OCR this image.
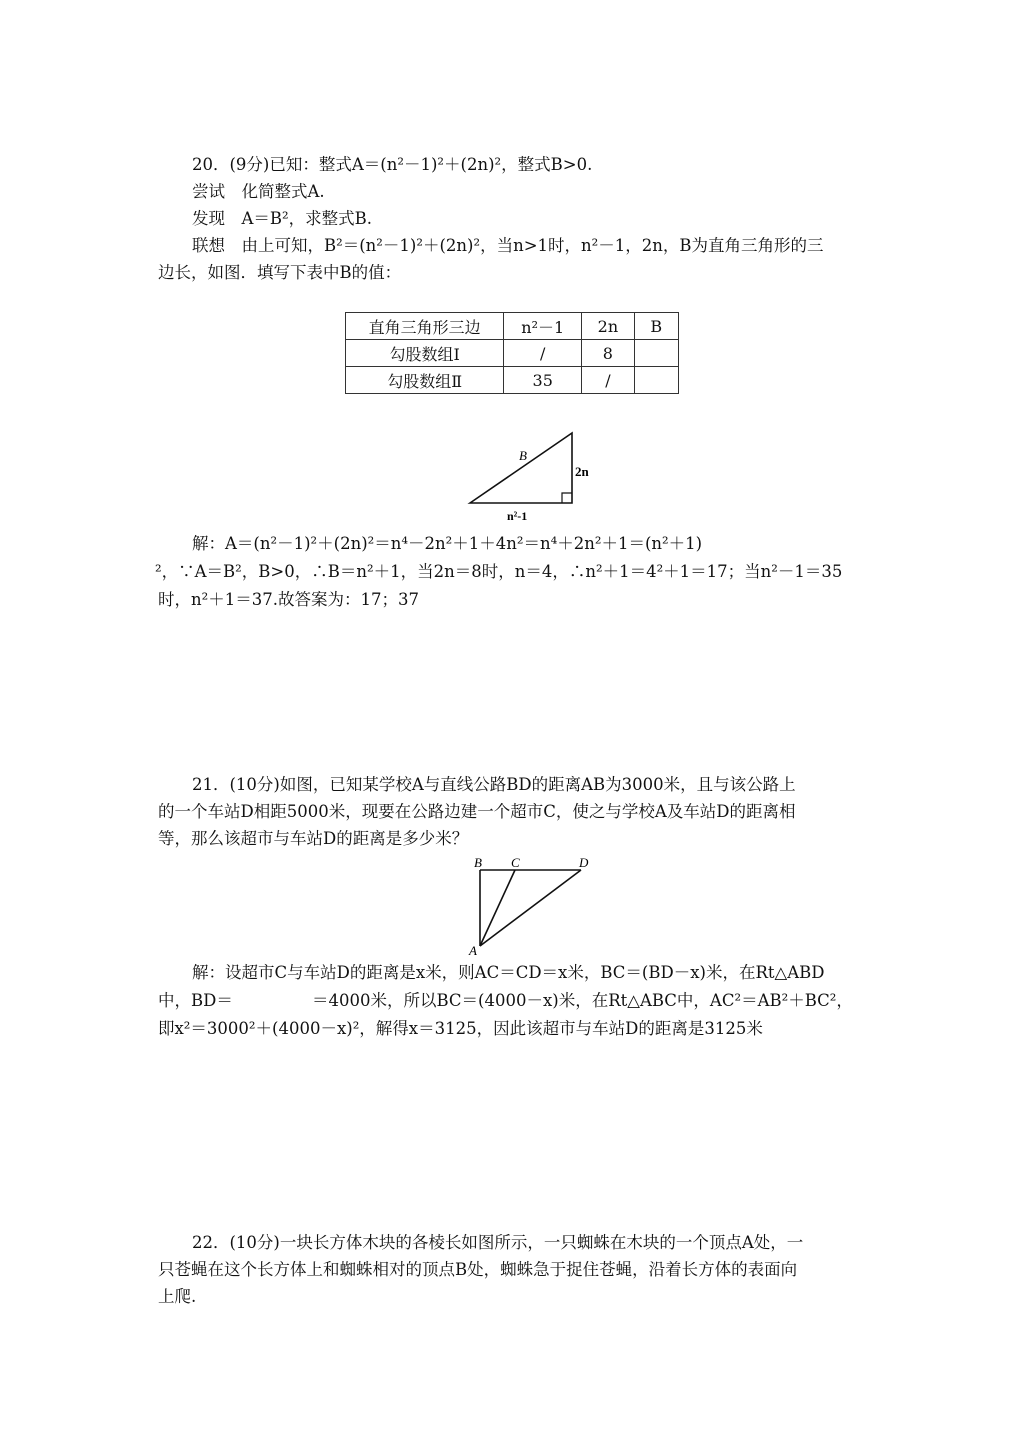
20．(9分)已知：整式A＝(n²－1)²＋(2n)²，整式B>0.
尝试　化简整式A.
发现　A＝B²，求整式B.
联想　由上可知，B²＝(n²－1)²＋(2n)²，当n>1时，n²－1，2n，B为直角三角形的三
边长，如图．填写下表中B的值：
直角三角形三边	n²－1	2n	B
勾股数组Ⅰ	/	8	
勾股数组Ⅱ	35	/	
B
2n
n²-1
解：A＝(n²－1)²＋(2n)²＝n⁴－2n²＋1＋4n²＝n⁴＋2n²＋1＝(n²＋1)
²，∵A＝B²，B>0，∴B＝n²＋1，当2n＝8时，n＝4，∴n²＋1＝4²＋1＝17；当n²－1＝35
时，n²＋1＝37.故答案为：17；37
21．(10分)如图，已知某学校A与直线公路BD的距离AB为3000米，且与该公路上
的一个车站D相距5000米，现要在公路边建一个超市C，使之与学校A及车站D的距离相
等，那么该超市与车站D的距离是多少米？
B C	D
A
解：设超市C与车站D的距离是x米，则AC＝CD＝x米，BC＝(BD－x)米，在Rt△ABD
中，BD＝	＝4000米，所以BC＝(4000－x)米，在Rt△ABC中，AC²＝AB²＋BC²，
即x²＝3000²＋(4000－x)²，解得x＝3125，因此该超市与车站D的距离是3125米
22．(10分)一块长方体木块的各棱长如图所示，一只蜘蛛在木块的一个顶点A处，一
只苍蝇在这个长方体上和蜘蛛相对的顶点B处，蜘蛛急于捉住苍蝇，沿着长方体的表面向
上爬.
